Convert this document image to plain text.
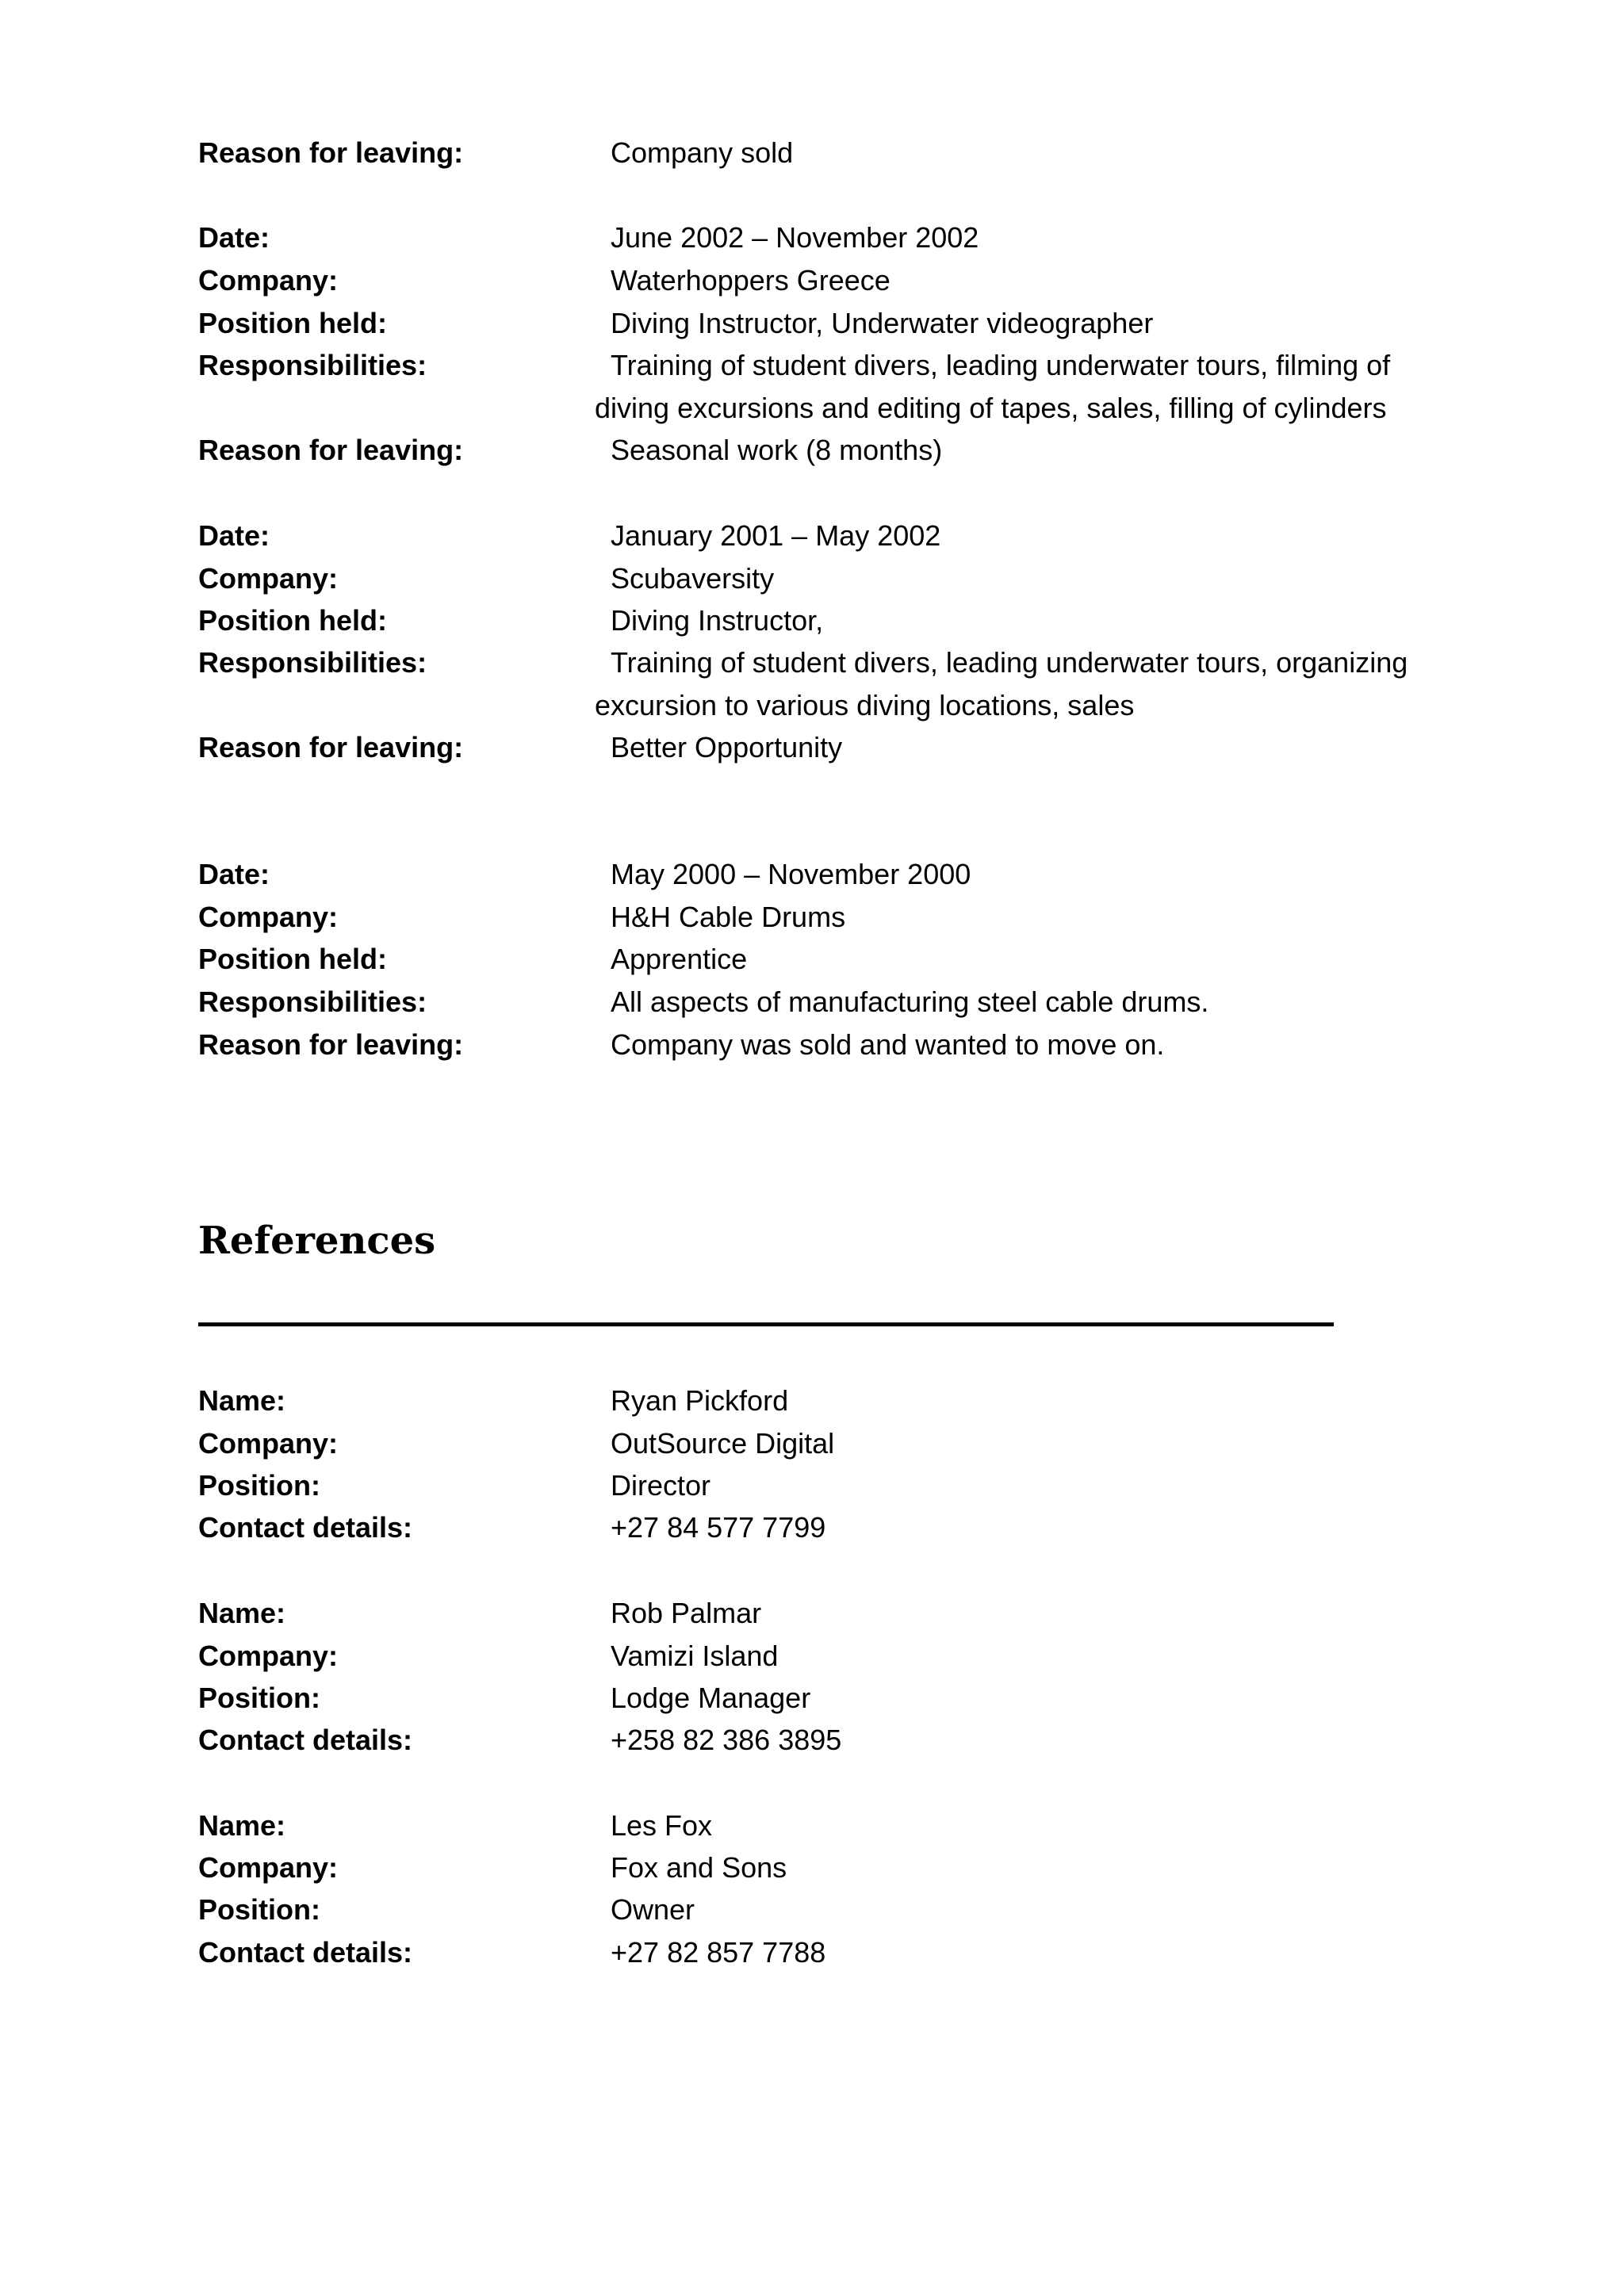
Reason for leaving:	Company sold
Date:	June 2002 – November 2002
Company:	Waterhoppers Greece
Position held:	Diving Instructor, Underwater videographer
Responsibilities:	Training of student divers, leading underwater tours, filming of diving excursions and editing of tapes, sales, filling of cylinders
Reason for leaving:	Seasonal work (8 months)
Date:	January 2001 – May 2002
Company:	Scubaversity
Position held:	Diving Instructor,
Responsibilities:	Training of student divers, leading underwater tours, organizing excursion to various diving locations, sales
Reason for leaving:	Better Opportunity
Date:	May 2000 – November 2000
Company:	H&H Cable Drums
Position held:	Apprentice
Responsibilities:	All aspects of manufacturing steel cable drums.
Reason for leaving:	Company was sold and wanted to move on.
References
Name:	Ryan Pickford
Company:	OutSource Digital
Position:	Director
Contact details:	+27 84 577 7799
Name:	Rob Palmar
Company:	Vamizi Island
Position:	Lodge Manager
Contact details:	+258 82 386 3895
Name:	Les Fox
Company:	Fox and Sons
Position:	Owner
Contact details:	+27 82 857 7788
